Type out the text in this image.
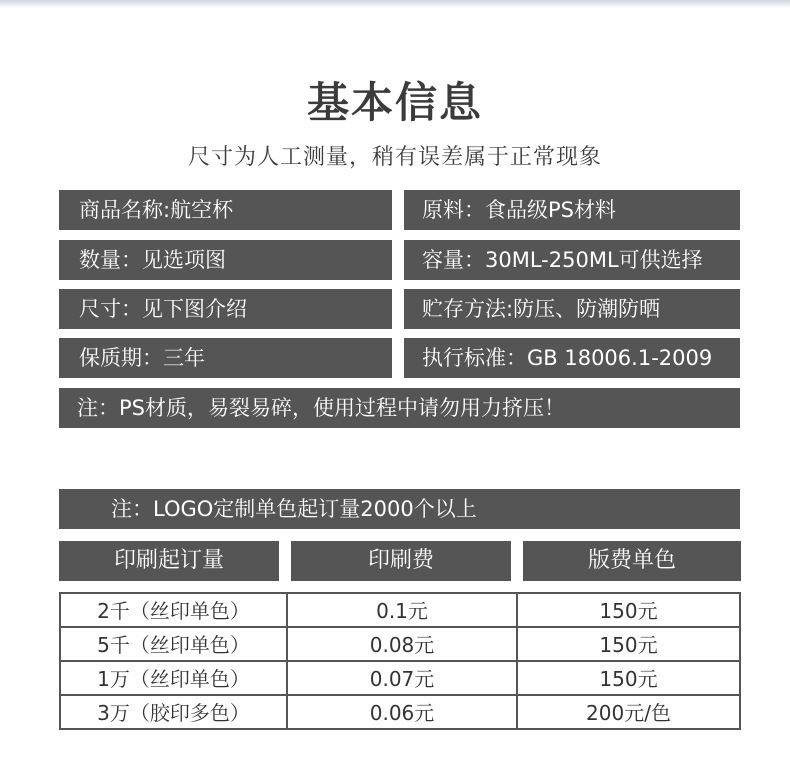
基本信息
尺寸为人工测量，稍有误差属于正常现象
商品名称:航空杯	原料：食品级PS材料
数量：见选项图	容量：30ML-250ML可供选择
尺寸：见下图介绍	贮存方法:防压、防潮防晒
保质期：三年	执行标准：GB 18006.1-2009
注：PS材质，易裂易碎，使用过程中请勿用力挤压！
注：LOGO定制单色起订量2000个以上
印刷起订量	印刷费	版费单色
2千（丝印单色）	0.1元	150元
5千（丝印单色）	0.08元	150元
1万（丝印单色）	0.07元	150元
3万（胶印多色）	0.06元	200元/色
